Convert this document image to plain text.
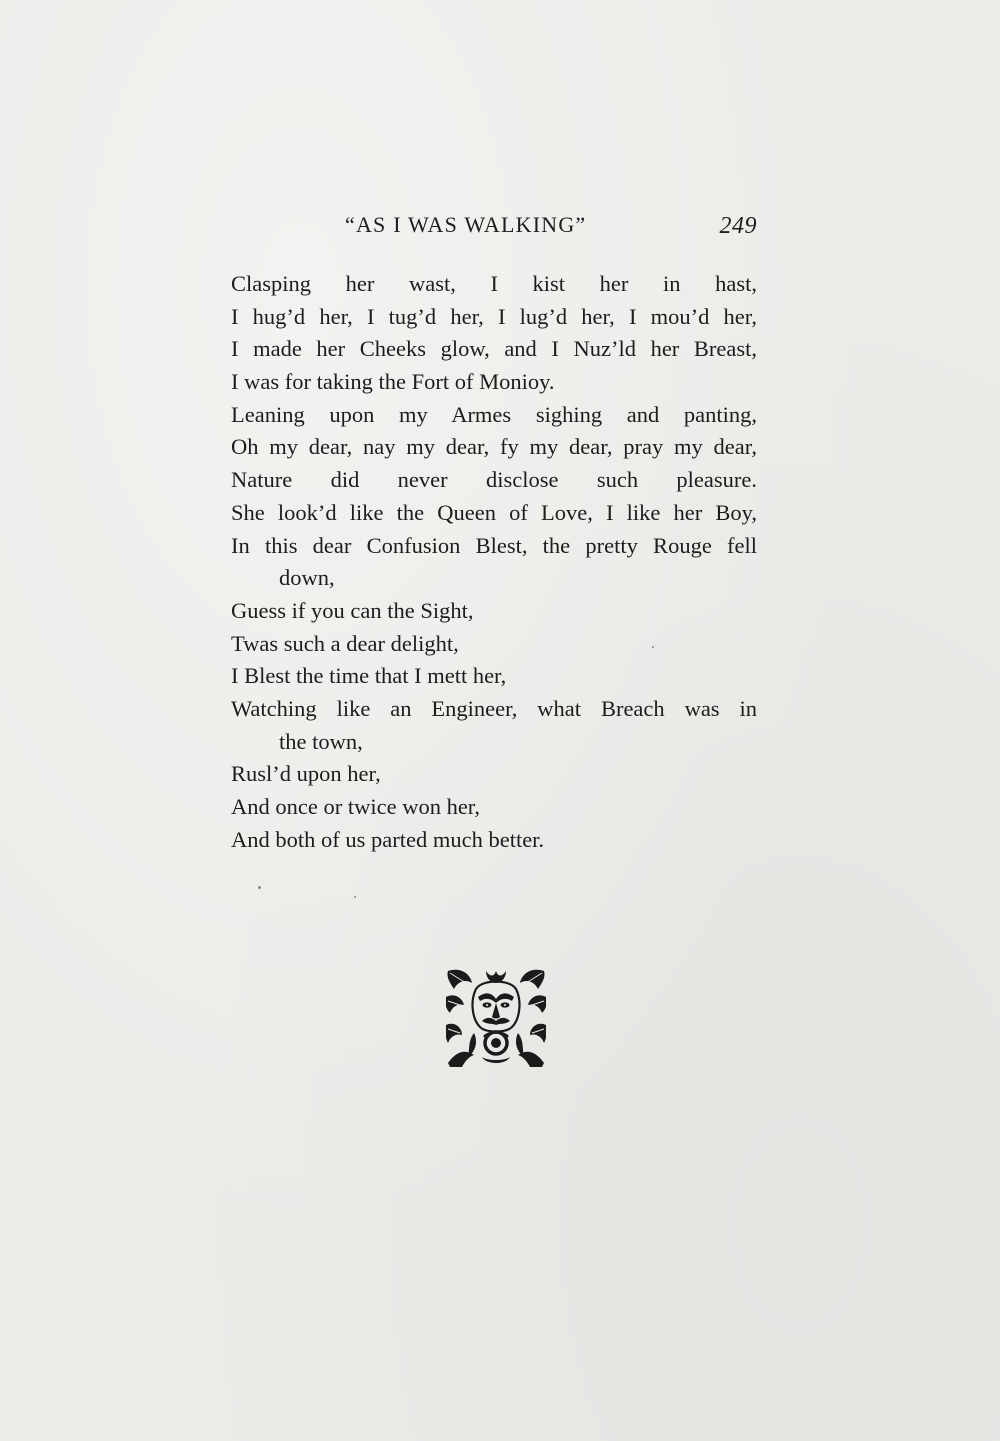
“AS I WAS WALKING”	249
Clasping her wast, I kist her in hast,
I hug’d her, I tug’d her, I lug’d her, I mou’d her,
I made her Cheeks glow, and I Nuz’ld her Breast,
I was for taking the Fort of Monioy.
Leaning upon my Armes sighing and panting,
Oh my dear, nay my dear, fy my dear, pray my dear,
Nature did never disclose such pleasure.
She look’d like the Queen of Love, I like her Boy,
In this dear Confusion Blest, the pretty Rouge fell
down,
Guess if you can the Sight,
Twas such a dear delight,
I Blest the time that I mett her,
Watching like an Engineer, what Breach was in
the town,
Rusl’d upon her,
And once or twice won her,
And both of us parted much better.
